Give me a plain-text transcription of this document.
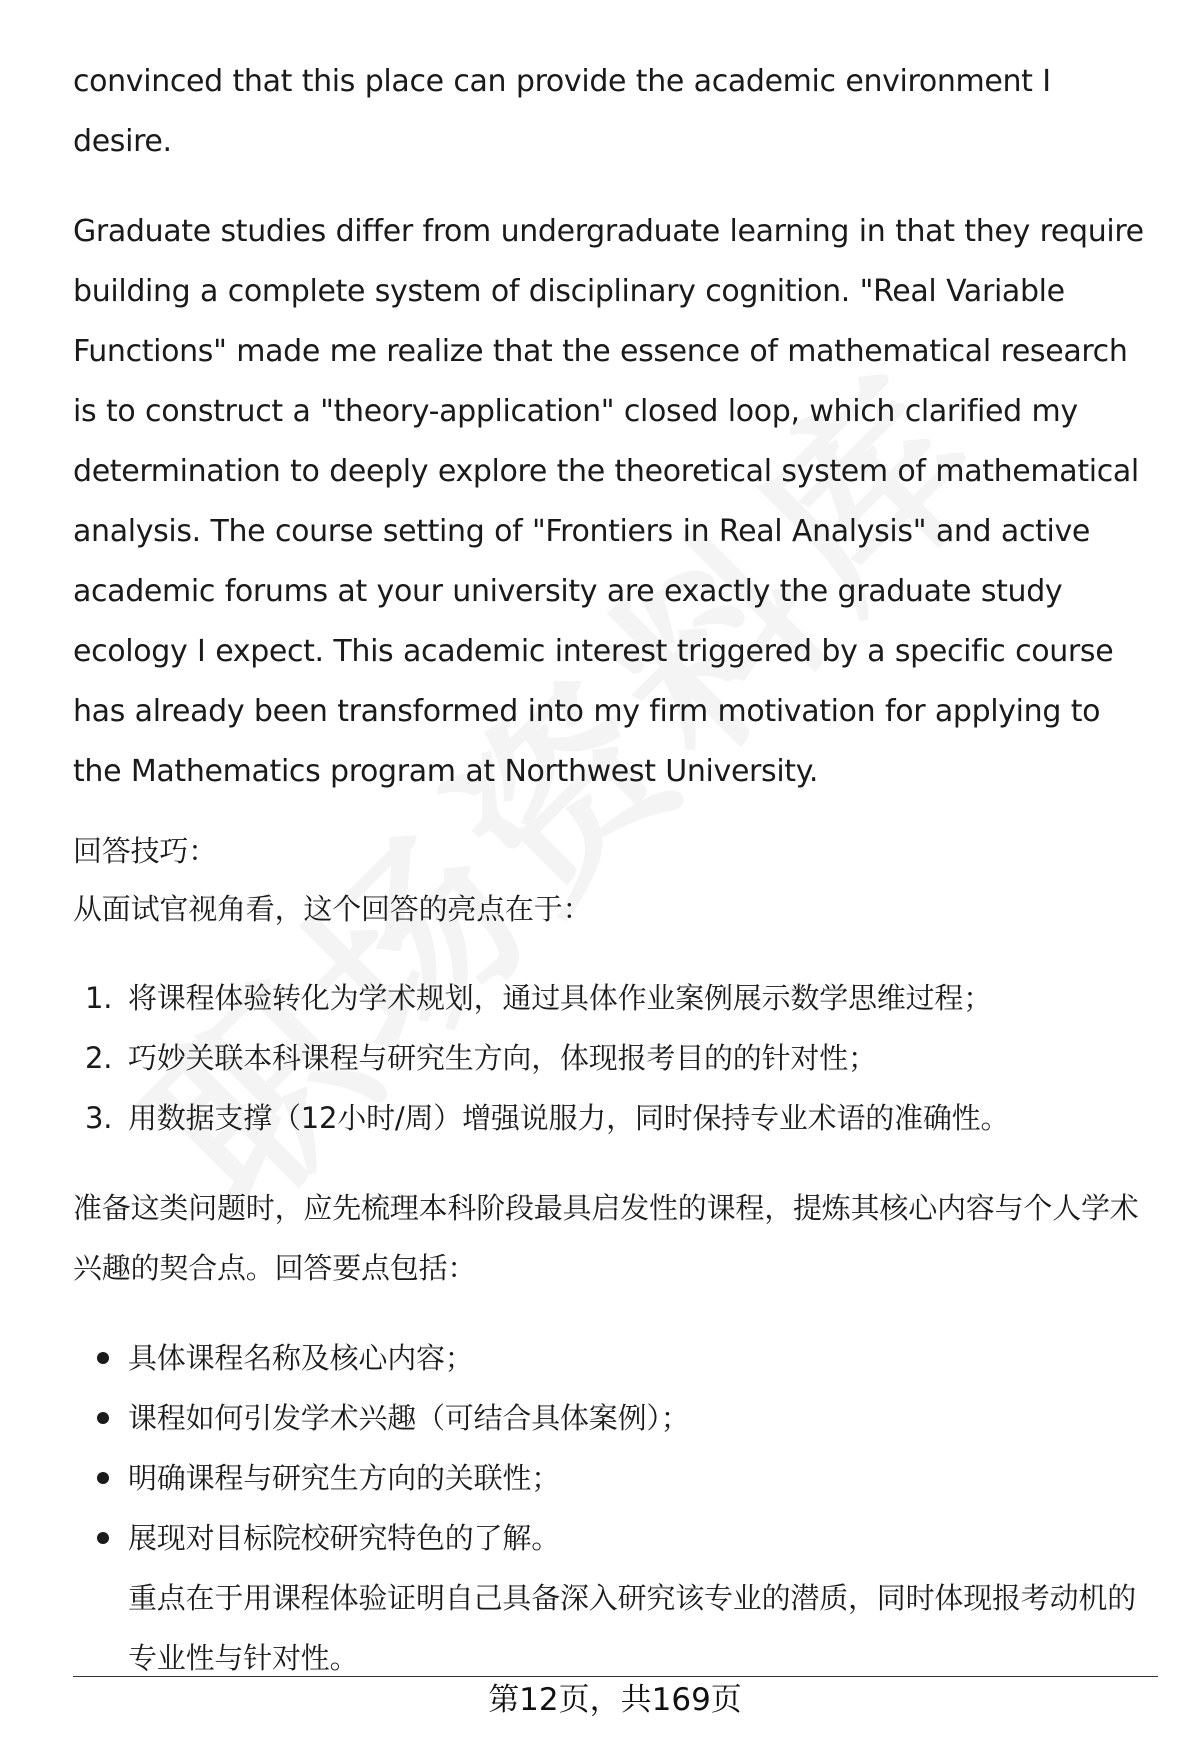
convinced that this place can provide the academic environment I desire.

Graduate studies differ from undergraduate learning in that they require building a complete system of disciplinary cognition. "Real Variable Functions" made me realize that the essence of mathematical research is to construct a "theory-application" closed loop, which clarified my determination to deeply explore the theoretical system of mathematical analysis. The course setting of "Frontiers in Real Analysis" and active academic forums at your university are exactly the graduate study ecology I expect. This academic interest triggered by a specific course has already been transformed into my firm motivation for applying to the Mathematics program at Northwest University.

回答技巧：

从面试官视角看，这个回答的亮点在于：

1. 将课程体验转化为学术规划，通过具体作业案例展示数学思维过程；
2. 巧妙关联本科课程与研究生方向，体现报考目的的针对性；
3. 用数据支撑（12小时/周）增强说服力，同时保持专业术语的准确性。

准备这类问题时，应先梳理本科阶段最具启发性的课程，提炼其核心内容与个人学术兴趣的契合点。回答要点包括：

具体课程名称及核心内容；
课程如何引发学术兴趣（可结合具体案例）；
明确课程与研究生方向的关联性；
展现对目标院校研究特色的了解。

重点在于用课程体验证明自己具备深入研究该专业的潜质，同时体现报考动机的专业性与针对性。

第12页，共169页
